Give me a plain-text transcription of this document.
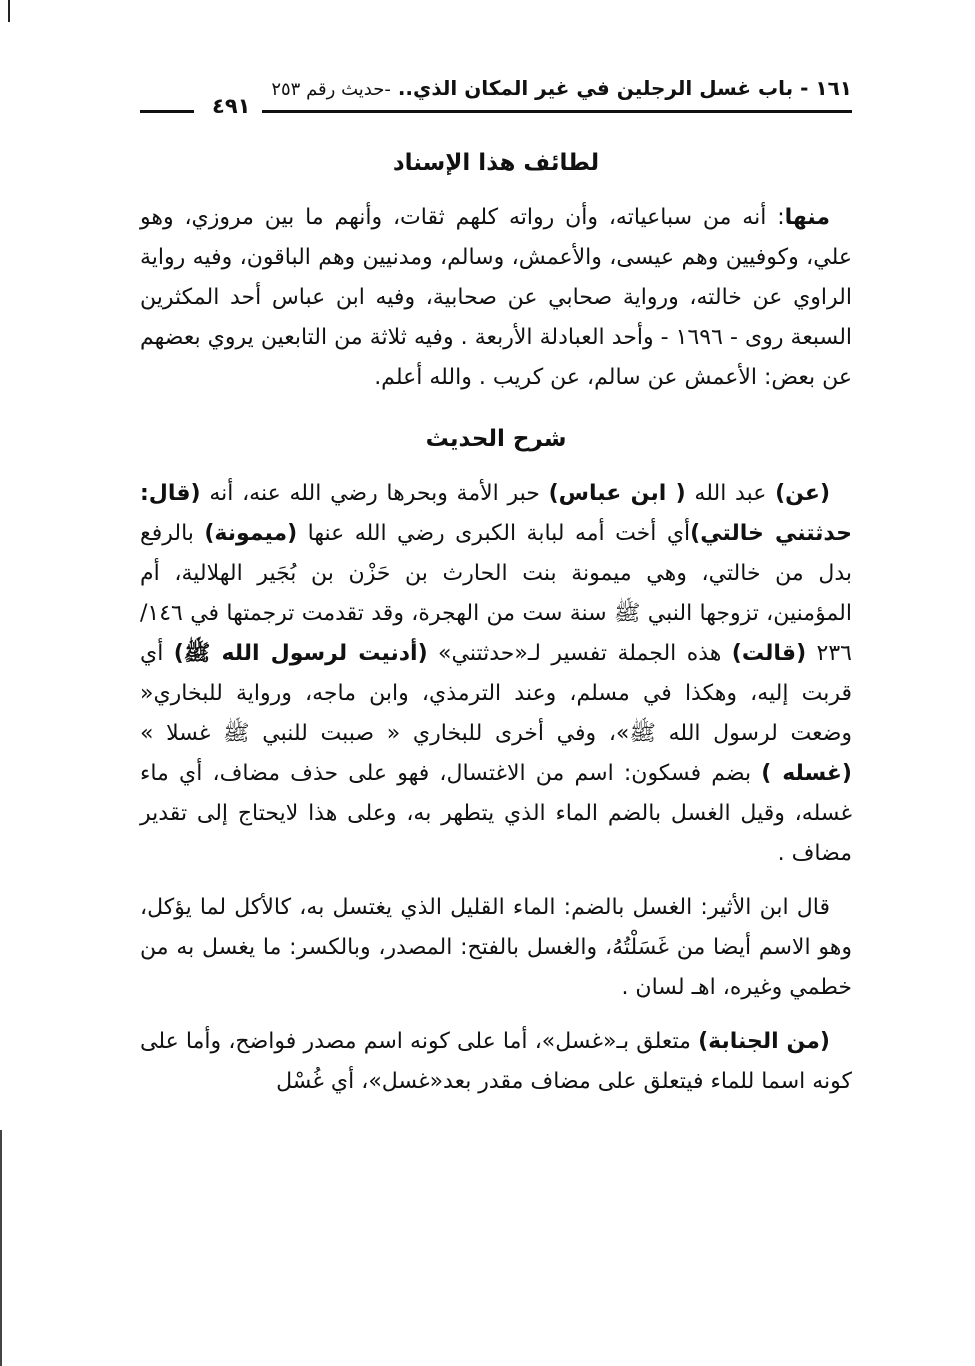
١٦١ - باب غسل الرجلين في غير المكان الذي.. -حديث رقم ٢٥٣
٤٩١
لطائف هذا الإسناد

منها: أنه من سباعياته، وأن رواته كلهم ثقات، وأنهم ما بين مروزي، وهو علي، وكوفيين وهم عيسى، والأعمش، وسالم، ومدنيين وهم الباقون، وفيه رواية الراوي عن خالته، ورواية صحابي عن صحابية، وفيه ابن عباس أحد المكثرين السبعة روى - ١٦٩٦ - وأحد العبادلة الأربعة . وفيه ثلاثة من التابعين يروي بعضهم عن بعض: الأعمش عن سالم، عن كريب . والله أعلم.

شرح الحديث

(عن) عبد الله ( ابن عباس) حبر الأمة وبحرها رضي الله عنه، أنه (قال: حدثتني خالتي)أي أخت أمه لبابة الكبرى رضي الله عنها (ميمونة) بالرفع بدل من خالتي، وهي ميمونة بنت الحارث بن حَزْن بن بُجَير الهلالية، أم المؤمنين، تزوجها النبي ﷺ سنة ست من الهجرة، وقد تقدمت ترجمتها في ١٤٦/ ٢٣٦ (قالت) هذه الجملة تفسير لـ«حدثتني» (أدنيت لرسول الله ﷺ) أي قربت إليه، وهكذا في مسلم، وعند الترمذي، وابن ماجه، ورواية للبخاري« وضعت لرسول الله ﷺ»، وفي أخرى للبخاري « صببت للنبي ﷺ غسلا » (غسله ) بضم فسكون: اسم من الاغتسال، فهو على حذف مضاف، أي ماء غسله، وقيل الغسل بالضم الماء الذي يتطهر به، وعلى هذا لايحتاج إلى تقدير مضاف .

قال ابن الأثير: الغسل بالضم: الماء القليل الذي يغتسل به، كالأكل لما يؤكل، وهو الاسم أيضا من غَسَلْتُهُ، والغسل بالفتح: المصدر، وبالكسر: ما يغسل به من خطمي وغيره، اهـ لسان .

(من الجنابة) متعلق بـ«غسل»، أما على كونه اسم مصدر فواضح، وأما على كونه اسما للماء فيتعلق على مضاف مقدر بعد«غسل»، أي غُسْل
